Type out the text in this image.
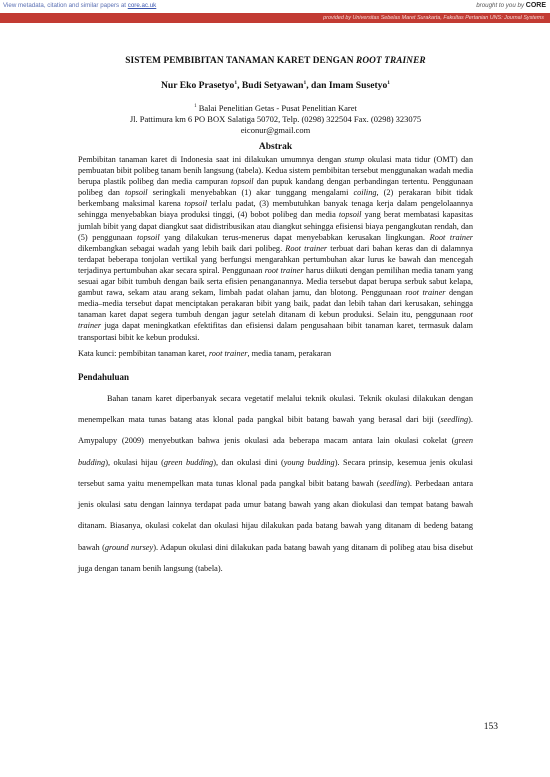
View metadata, citation and similar papers at core.ac.uk	brought to you by CORE
provided by Universitas Sebelas Maret Surakarta, Fakultas Pertanian UNS: Journal Systems
SISTEM PEMBIBITAN TANAMAN KARET DENGAN ROOT TRAINER
Nur Eko Prasetyo$^1$, Budi Setyawan$^1$, dan Imam Susetyo$^1$
$^1$ Balai Penelitian Getas - Pusat Penelitian Karet
Jl. Pattimura km 6 PO BOX Salatiga 50702, Telp. (0298) 322504 Fax. (0298) 323075
eiconur@gmail.com
Abstrak
Pembibitan tanaman karet di Indonesia saat ini dilakukan umumnya dengan stump okulasi mata tidur (OMT) dan pembuatan bibit polibeg tanam benih langsung (tabela). Kedua sistem pembibitan tersebut menggunakan wadah media berupa plastik polibeg dan media campuran topsoil dan pupuk kandang dengan perbandingan tertentu. Penggunaan polibeg dan topsoil seringkali menyebabkan (1) akar tunggang mengalami coiling, (2) perakaran bibit tidak berkembang maksimal karena topsoil terlalu padat, (3) membutuhkan banyak tenaga kerja dalam pengelolaannya sehingga menyebabkan biaya produksi tinggi, (4) bobot polibeg dan media topsoil yang berat membatasi kapasitas jumlah bibit yang dapat diangkut saat didistribusikan atau diangkut sehingga efisiensi biaya pengangkutan rendah, dan (5) penggunaan topsoil yang dilakukan terus-menerus dapat menyebabkan kerusakan lingkungan. Root trainer dikembangkan sebagai wadah yang lebih baik dari polibeg. Root trainer terbuat dari bahan keras dan di dalamnya terdapat beberapa tonjolan vertikal yang berfungsi mengarahkan pertumbuhan akar lurus ke bawah dan mencegah terjadinya pertumbuhan akar secara spiral. Penggunaan root trainer harus diikuti dengan pemilihan media tanam yang sesuai agar bibit tumbuh dengan baik serta efisien penanganannya. Media tersebut dapat berupa serbuk sabut kelapa, gambut rawa, sekam atau arang sekam, limbah padat olahan jamu, dan blotong. Penggunaan root trainer dengan media–media tersebut dapat menciptakan perakaran bibit yang baik, padat dan lebih tahan dari kerusakan, sehingga tanaman karet dapat segera tumbuh dengan jagur setelah ditanam di kebun produksi. Selain itu, penggunaan root trainer juga dapat meningkatkan efektifitas dan efisiensi dalam pengusahaan bibit tanaman karet, termasuk dalam transportasi bibit ke kebun produksi.
Kata kunci: pembibitan tanaman karet, root trainer, media tanam, perakaran
Pendahuluan
Bahan tanam karet diperbanyak secara vegetatif melalui teknik okulasi. Teknik okulasi dilakukan dengan menempelkan mata tunas batang atas klonal pada pangkal bibit batang bawah yang berasal dari biji (seedling). Amypalupy (2009) menyebutkan bahwa jenis okulasi ada beberapa macam antara lain okulasi cokelat (green budding), okulasi hijau (green budding), dan okulasi dini (young budding). Secara prinsip, kesemua jenis okulasi tersebut sama yaitu menempelkan mata tunas klonal pada pangkal bibit batang bawah (seedling). Perbedaan antara jenis okulasi satu dengan lainnya terdapat pada umur batang bawah yang akan diokulasi dan tempat batang bawah ditanam. Biasanya, okulasi cokelat dan okulasi hijau dilakukan pada batang bawah yang ditanam di bedeng batang bawah (ground nursey). Adapun okulasi dini dilakukan pada batang bawah yang ditanam di polibeg atau bisa disebut juga dengan tanam benih langsung (tabela).
153
